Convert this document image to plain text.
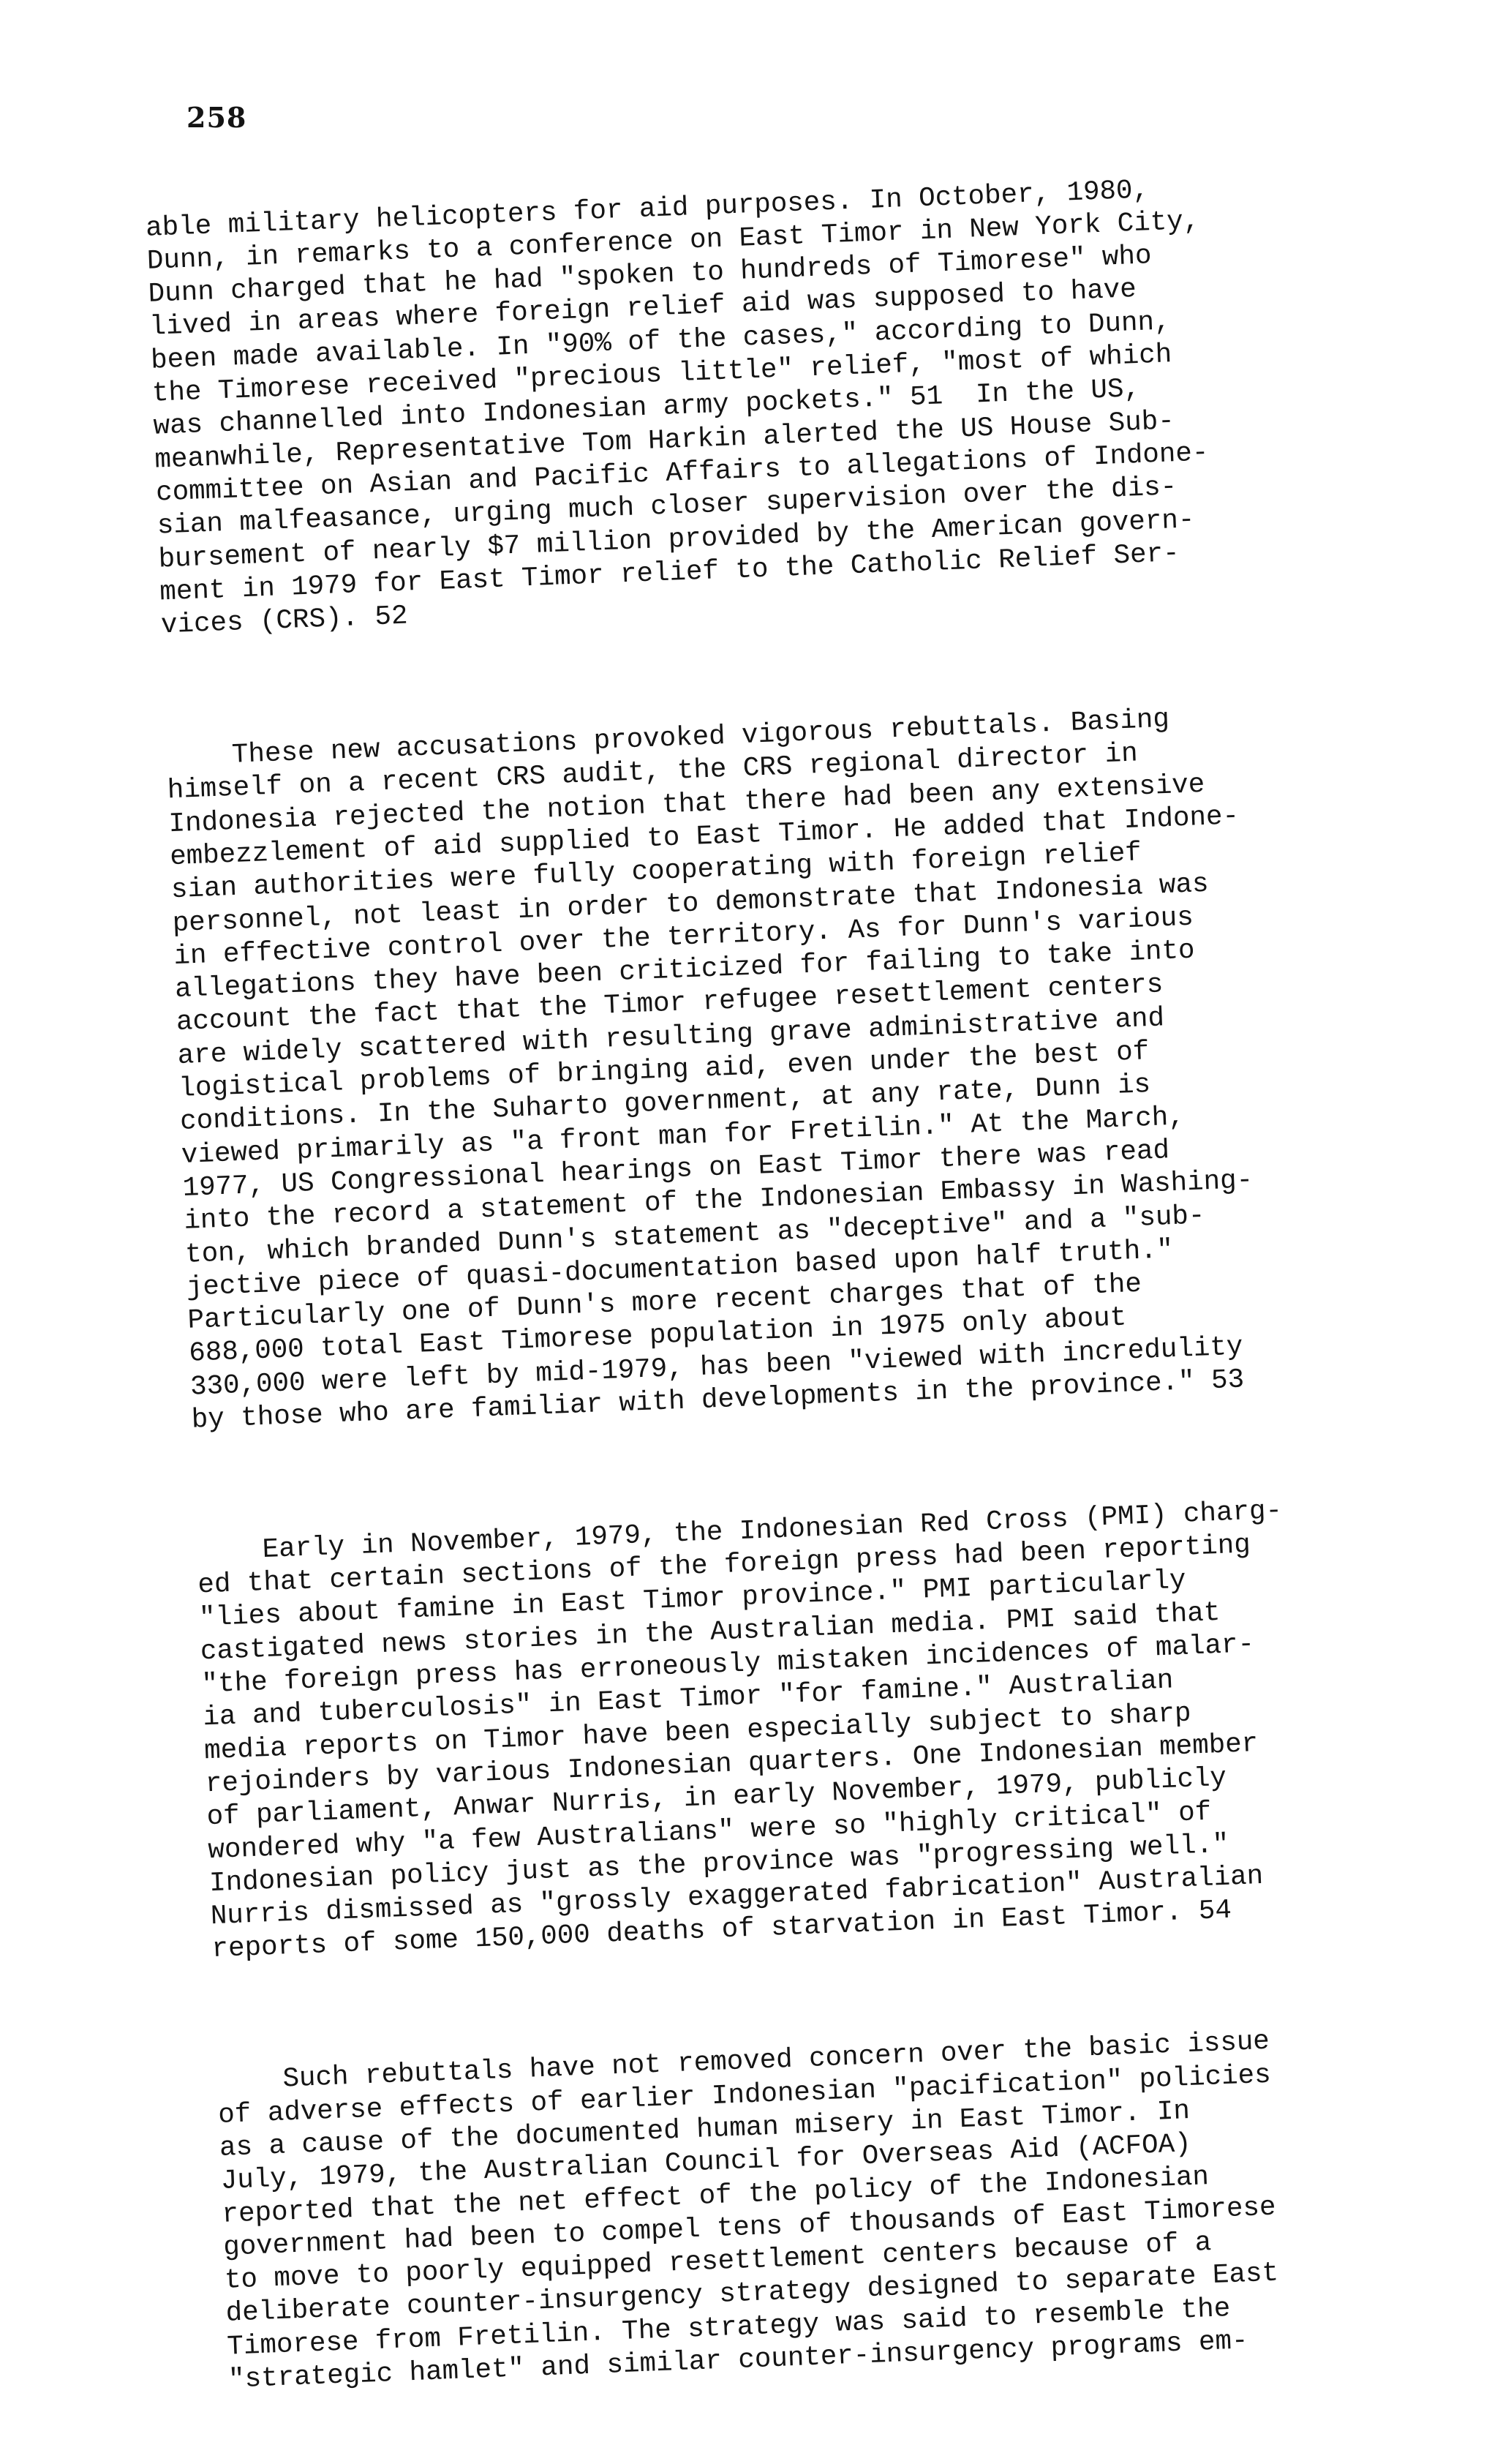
258

able military helicopters for aid purposes. In October, 1980,
Dunn, in remarks to a conference on East Timor in New York City,
Dunn charged that he had "spoken to hundreds of Timorese" who
lived in areas where foreign relief aid was supposed to have
been made available. In "90% of the cases," according to Dunn,
the Timorese received "precious little" relief, "most of which
was channelled into Indonesian army pockets." 51  In the US,
meanwhile, Representative Tom Harkin alerted the US House Sub-
committee on Asian and Pacific Affairs to allegations of Indone-
sian malfeasance, urging much closer supervision over the dis-
bursement of nearly $7 million provided by the American govern-
ment in 1979 for East Timor relief to the Catholic Relief Ser-
vices (CRS). 52

These new accusations provoked vigorous rebuttals. Basing
himself on a recent CRS audit, the CRS regional director in
Indonesia rejected the notion that there had been any extensive
embezzlement of aid supplied to East Timor. He added that Indone-
sian authorities were fully cooperating with foreign relief
personnel, not least in order to demonstrate that Indonesia was
in effective control over the territory. As for Dunn's various
allegations they have been criticized for failing to take into
account the fact that the Timor refugee resettlement centers
are widely scattered with resulting grave administrative and
logistical problems of bringing aid, even under the best of
conditions. In the Suharto government, at any rate, Dunn is
viewed primarily as "a front man for Fretilin." At the March,
1977, US Congressional hearings on East Timor there was read
into the record a statement of the Indonesian Embassy in Washing-
ton, which branded Dunn's statement as "deceptive" and a "sub-
jective piece of quasi-documentation based upon half truth."
Particularly one of Dunn's more recent charges that of the
688,000 total East Timorese population in 1975 only about
330,000 were left by mid-1979, has been "viewed with incredulity
by those who are familiar with developments in the province." 53

Early in November, 1979, the Indonesian Red Cross (PMI) charg-
ed that certain sections of the foreign press had been reporting
"lies about famine in East Timor province." PMI particularly
castigated news stories in the Australian media. PMI said that
"the foreign press has erroneously mistaken incidences of malar-
ia and tuberculosis" in East Timor "for famine." Australian
media reports on Timor have been especially subject to sharp
rejoinders by various Indonesian quarters. One Indonesian member
of parliament, Anwar Nurris, in early November, 1979, publicly
wondered why "a few Australians" were so "highly critical" of
Indonesian policy just as the province was "progressing well."
Nurris dismissed as "grossly exaggerated fabrication" Australian
reports of some 150,000 deaths of starvation in East Timor. 54

Such rebuttals have not removed concern over the basic issue
of adverse effects of earlier Indonesian "pacification" policies
as a cause of the documented human misery in East Timor. In
July, 1979, the Australian Council for Overseas Aid (ACFOA)
reported that the net effect of the policy of the Indonesian
government had been to compel tens of thousands of East Timorese
to move to poorly equipped resettlement centers because of a
deliberate counter-insurgency strategy designed to separate East
Timorese from Fretilin. The strategy was said to resemble the
"strategic hamlet" and similar counter-insurgency programs em-
